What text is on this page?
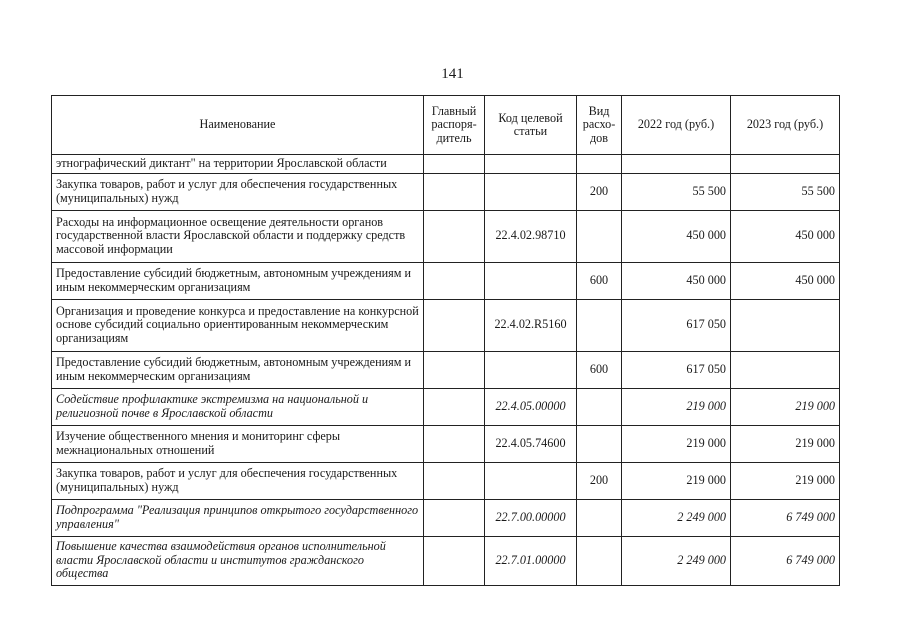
141
Наименование	Главный распоря-дитель	Код целевой статьи	Вид расхо-дов	2022 год (руб.)	2023 год (руб.)
этнографический диктант" на территории Ярославской области					
Закупка товаров, работ и услуг для обеспечения государственных (муниципальных) нужд			200	55 500	55 500
Расходы на информационное освещение деятельности органов государственной власти Ярославской области и поддержку средств массовой информации		22.4.02.98710		450 000	450 000
Предоставление субсидий бюджетным, автономным учреждениям и иным некоммерческим организациям			600	450 000	450 000
Организация и проведение конкурса и предоставление на конкурсной основе субсидий социально ориентированным некоммерческим организациям		22.4.02.R5160		617 050	
Предоставление субсидий бюджетным, автономным учреждениям и иным некоммерческим организациям			600	617 050	
Содействие профилактике экстремизма на национальной и религиозной почве в Ярославской области		22.4.05.00000		219 000	219 000
Изучение общественного мнения и мониторинг сферы межнациональных отношений		22.4.05.74600		219 000	219 000
Закупка товаров, работ и услуг для обеспечения государственных (муниципальных) нужд			200	219 000	219 000
Подпрограмма "Реализация принципов открытого государственного управления"		22.7.00.00000		2 249 000	6 749 000
Повышение качества взаимодействия органов исполнительной власти Ярославской области и институтов гражданского общества		22.7.01.00000		2 249 000	6 749 000
